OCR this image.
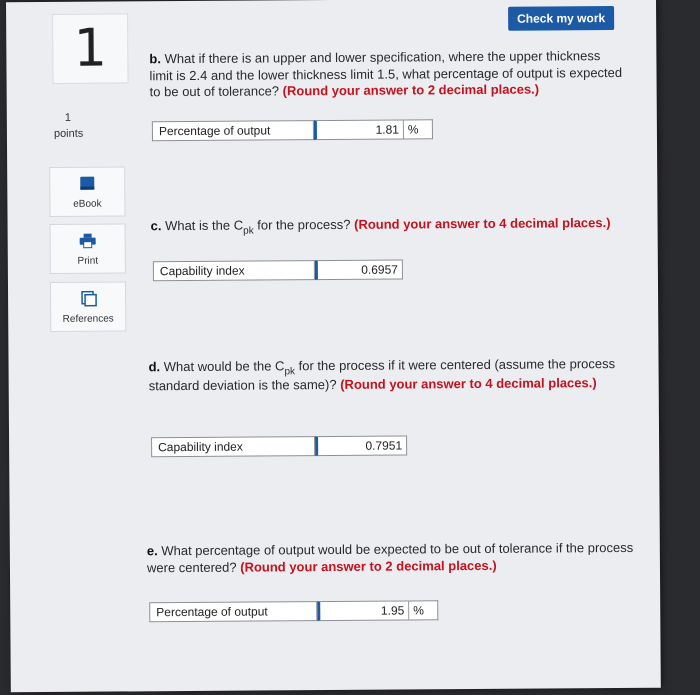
1
Check my work
1
points
eBook
Print
References
b. What if there is an upper and lower specification, where the upper thickness limit is 2.4 and the lower thickness limit 1.5, what percentage of output is expected to be out of tolerance? (Round your answer to 2 decimal places.)
Percentage of output	1.81 %
c. What is the $C_{pk}$ for the process? (Round your answer to 4 decimal places.)
Capability index	0.6957
d. What would be the $C_{pk}$ for the process if it were centered (assume the process standard deviation is the same)? (Round your answer to 4 decimal places.)
Capability index	0.7951
e. What percentage of output would be expected to be out of tolerance if the process were centered? (Round your answer to 2 decimal places.)
Percentage of output	1.95 %
